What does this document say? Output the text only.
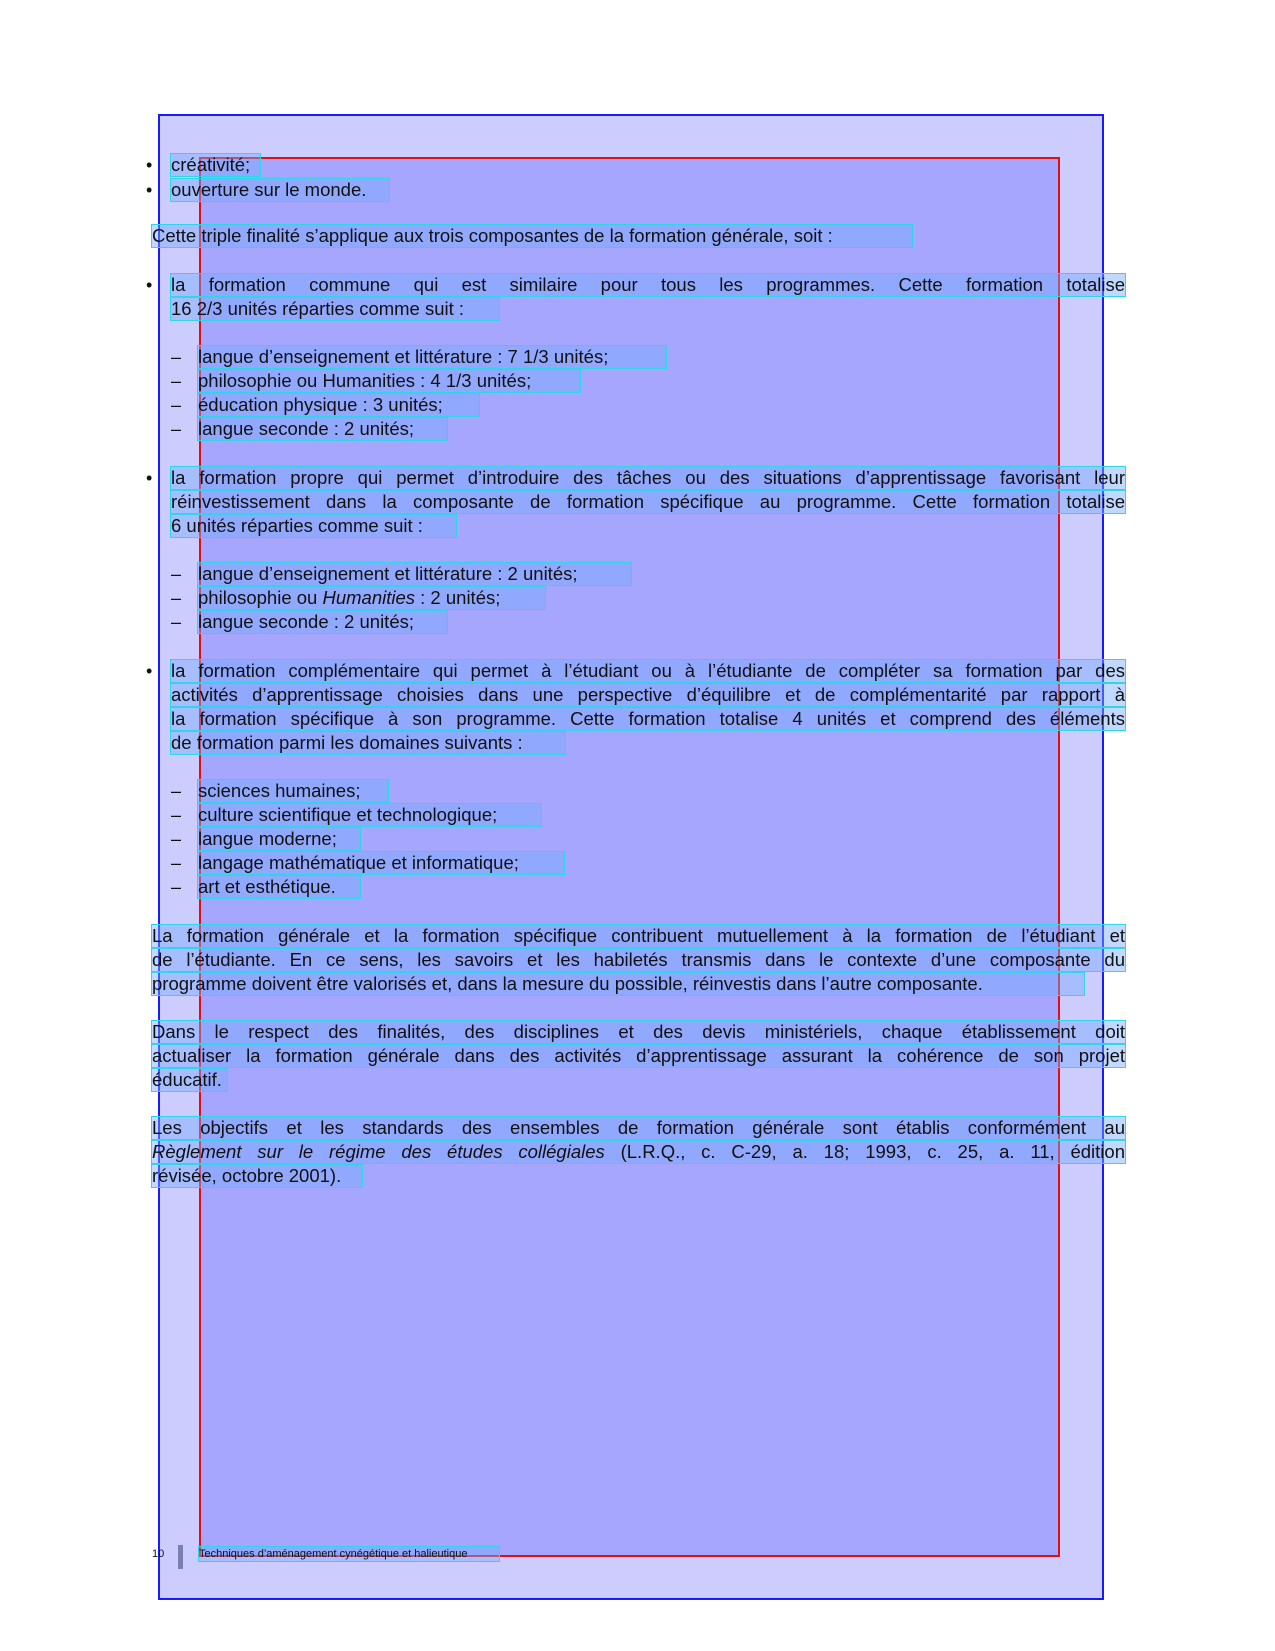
• créativité;
• ouverture sur le monde.
Cette triple finalité s’applique aux trois composantes de la formation générale, soit :
• la formation commune qui est similaire pour tous les programmes. Cette formation totalise
16 2/3 unités réparties comme suit :
– langue d’enseignement et littérature : 7 1/3 unités;
– philosophie ou Humanities : 4 1/3 unités;
– éducation physique : 3 unités;
– langue seconde : 2 unités;
• la formation propre qui permet d’introduire des tâches ou des situations d’apprentissage favorisant leur
réinvestissement dans la composante de formation spécifique au programme. Cette formation totalise
6 unités réparties comme suit :
– langue d’enseignement et littérature : 2 unités;
– philosophie ou Humanities : 2 unités;
– langue seconde : 2 unités;
• la formation complémentaire qui permet à l’étudiant ou à l’étudiante de compléter sa formation par des
activités d’apprentissage choisies dans une perspective d’équilibre et de complémentarité par rapport à
la formation spécifique à son programme. Cette formation totalise 4 unités et comprend des éléments
de formation parmi les domaines suivants :
– sciences humaines;
– culture scientifique et technologique;
– langue moderne;
– langage mathématique et informatique;
– art et esthétique.
La formation générale et la formation spécifique contribuent mutuellement à la formation de l’étudiant et
de l’étudiante. En ce sens, les savoirs et les habiletés transmis dans le contexte d’une composante du
programme doivent être valorisés et, dans la mesure du possible, réinvestis dans l’autre composante.
Dans le respect des finalités, des disciplines et des devis ministériels, chaque établissement doit
actualiser la formation générale dans des activités d’apprentissage assurant la cohérence de son projet
éducatif.
Les objectifs et les standards des ensembles de formation générale sont établis conformément au
Règlement sur le régime des études collégiales (L.R.Q., c. C-29, a. 18; 1993, c. 25, a. 11, édition
révisée, octobre 2001).
10	Techniques d’aménagement cynégétique et halieutique
